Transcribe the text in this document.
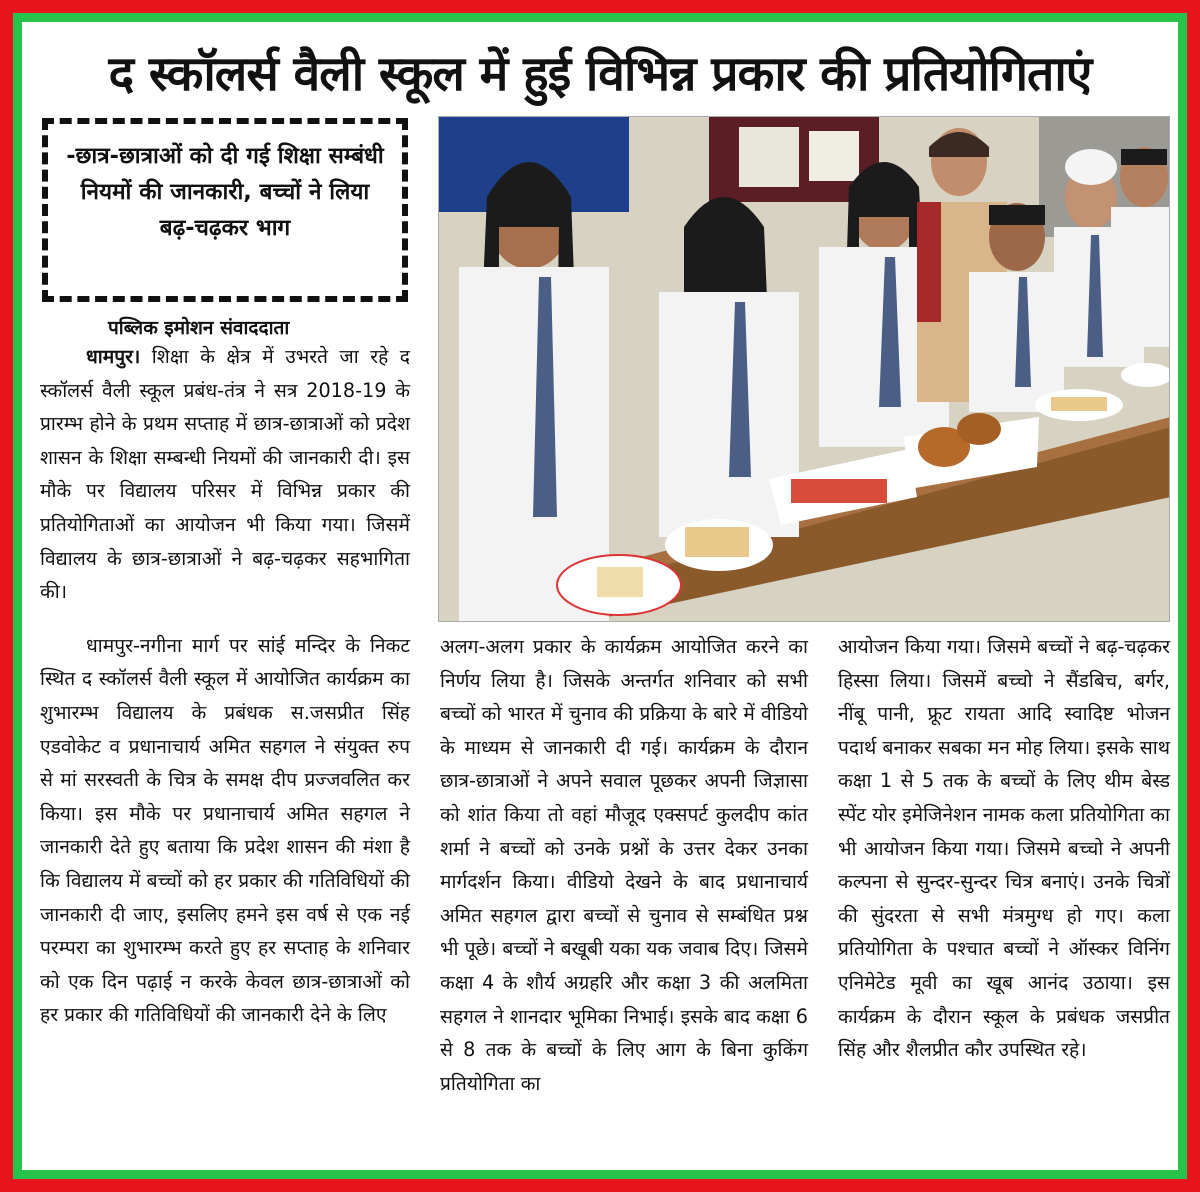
द स्कॉलर्स वैली स्कूल में हुई विभिन्न प्रकार की प्रतियोगिताएं
-छात्र-छात्राओं को दी गई शिक्षा सम्बंधी नियमों की जानकारी, बच्चों ने लिया बढ़-चढ़कर भाग
पब्लिक इमोशन संवाददाता

धामपुर। शिक्षा के क्षेत्र में उभरते जा रहे द स्कॉलर्स वैली स्कूल प्रबंध-तंत्र ने सत्र 2018-19 के प्रारम्भ होने के प्रथम सप्ताह में छात्र-छात्राओं को प्रदेश शासन के शिक्षा सम्बन्धी नियमों की जानकारी दी। इस मौके पर विद्यालय परिसर में विभिन्न प्रकार की प्रतियोगिताओं का आयोजन भी किया गया। जिसमें विद्यालय के छात्र-छात्राओं ने बढ़-चढ़कर सहभागिता की।

धामपुर-नगीना मार्ग पर सांई मन्दिर के निकट स्थित द स्कॉलर्स वैली स्कूल में आयोजित कार्यक्रम का शुभारम्भ विद्यालय के प्रबंधक स.जसप्रीत सिंह एडवोकेट व प्रधानाचार्य अमित सहगल ने संयुक्त रुप से मां सरस्वती के चित्र के समक्ष दीप प्रज्जवलित कर किया। इस मौके पर प्रधानाचार्य अमित सहगल ने जानकारी देते हुए बताया कि प्रदेश शासन की मंशा है कि विद्यालय में बच्चों को हर प्रकार की गतिविधियों की जानकारी दी जाए, इसलिए हमने इस वर्ष से एक नई परम्परा का शुभारम्भ करते हुए हर सप्ताह के शनिवार को एक दिन पढ़ाई न करके केवल छात्र-छात्राओं को हर प्रकार की गतिविधियों की जानकारी देने के लिए

अलग-अलग प्रकार के कार्यक्रम आयोजित करने का निर्णय लिया है। जिसके अन्तर्गत शनिवार को सभी बच्चों को भारत में चुनाव की प्रक्रिया के बारे में वीडियो के माध्यम से जानकारी दी गई। कार्यक्रम के दौरान छात्र-छात्राओं ने अपने सवाल पूछकर अपनी जिज्ञासा को शांत किया तो वहां मौजूद एक्सपर्ट कुलदीप कांत शर्मा ने बच्चों को उनके प्रश्नों के उत्तर देकर उनका मार्गदर्शन किया। वीडियो देखने के बाद प्रधानाचार्य अमित सहगल द्वारा बच्चों से चुनाव से सम्बंधित प्रश्न भी पूछे। बच्चों ने बखूबी यका यक जवाब दिए। जिसमे कक्षा 4 के शौर्य अग्रहरि और कक्षा 3 की अलमिता सहगल ने शानदार भूमिका निभाई। इसके बाद कक्षा 6 से 8 तक के बच्चों के लिए आग के बिना कुकिंग प्रतियोगिता का

आयोजन किया गया। जिसमे बच्चों ने बढ़-चढ़कर हिस्सा लिया। जिसमें बच्चो ने सैंडबिच, बर्गर, नींबू पानी, फ्रूट रायता आदि स्वादिष्ट भोजन पदार्थ बनाकर सबका मन मोह लिया। इसके साथ कक्षा 1 से 5 तक के बच्चों के लिए थीम बेस्ड स्पेंट योर इमेजिनेशन नामक कला प्रतियोगिता का भी आयोजन किया गया। जिसमे बच्चो ने अपनी कल्पना से सुन्दर-सुन्दर चित्र बनाएं। उनके चित्रों की सुंदरता से सभी मंत्रमुग्ध हो गए। कला प्रतियोगिता के पश्चात बच्चों ने ऑस्कर विनिंग एनिमेटेड मूवी का खूब आनंद उठाया। इस कार्यक्रम के दौरान स्कूल के प्रबंधक जसप्रीत सिंह और शैलप्रीत कौर उपस्थित रहे।
